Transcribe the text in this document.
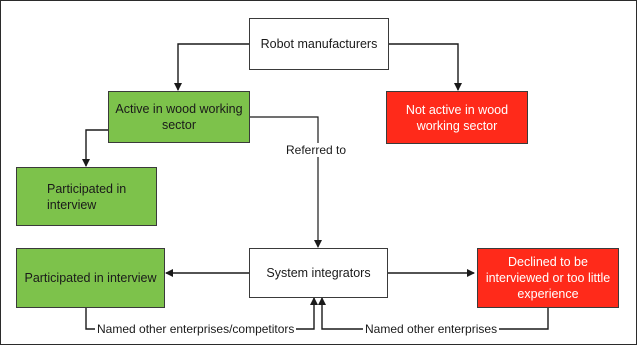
Robot manufacturers
Active in wood working sector
Not active in wood working sector
Participated in interview
System integrators
Participated in interview
Declined to be interviewed or too little experience
Referred to
Named other enterprises/competitors	Named other enterprises
